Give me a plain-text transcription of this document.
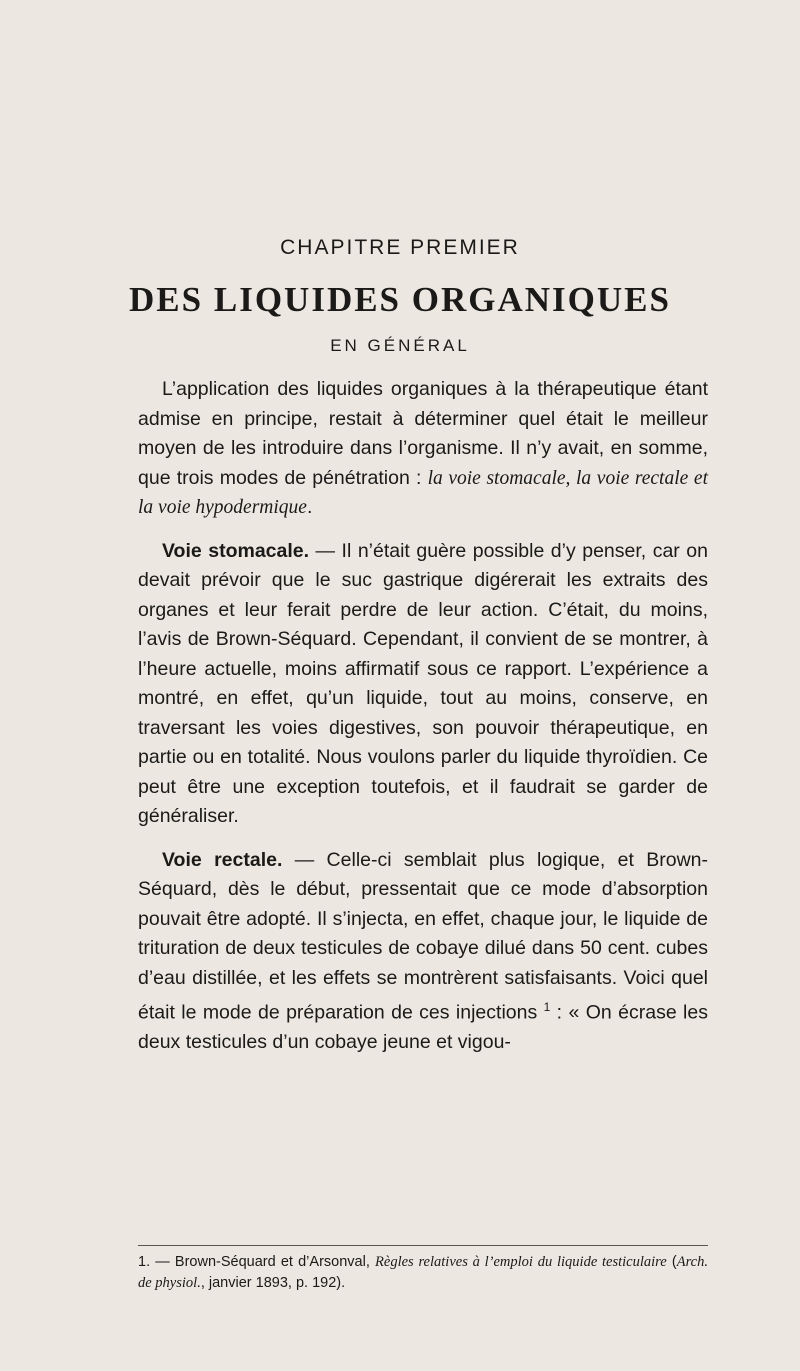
CHAPITRE PREMIER
DES LIQUIDES ORGANIQUES
EN GÉNÉRAL

L’application des liquides organiques à la thérapeutique étant admise en principe, restait à déterminer quel était le meilleur moyen de les introduire dans l’organisme. Il n’y avait, en somme, que trois modes de pénétration : la voie stomacale, la voie rectale et la voie hypodermique.

Voie stomacale. — Il n’était guère possible d’y penser, car on devait prévoir que le suc gastrique digérerait les extraits des organes et leur ferait perdre de leur action. C’était, du moins, l’avis de Brown-Séquard. Cependant, il convient de se montrer, à l’heure actuelle, moins affirmatif sous ce rapport. L’expérience a montré, en effet, qu’un liquide, tout au moins, conserve, en traversant les voies digestives, son pouvoir thérapeutique, en partie ou en totalité. Nous voulons parler du liquide thyroïdien. Ce peut être une exception toutefois, et il faudrait se garder de généraliser.

Voie rectale. — Celle-ci semblait plus logique, et Brown-Séquard, dès le début, pressentait que ce mode d’absorption pouvait être adopté. Il s’injecta, en effet, chaque jour, le liquide de trituration de deux testicules de cobaye dilué dans 50 cent. cubes d’eau distillée, et les effets se montrèrent satisfaisants. Voici quel était le mode de préparation de ces injections $^1$ : « On écrase les deux testicules d’un cobaye jeune et vigou-

1. — Brown-Séquard et d’Arsonval, Règles relatives à l’emploi du liquide testiculaire (Arch. de physiol., janvier 1893, p. 192).
